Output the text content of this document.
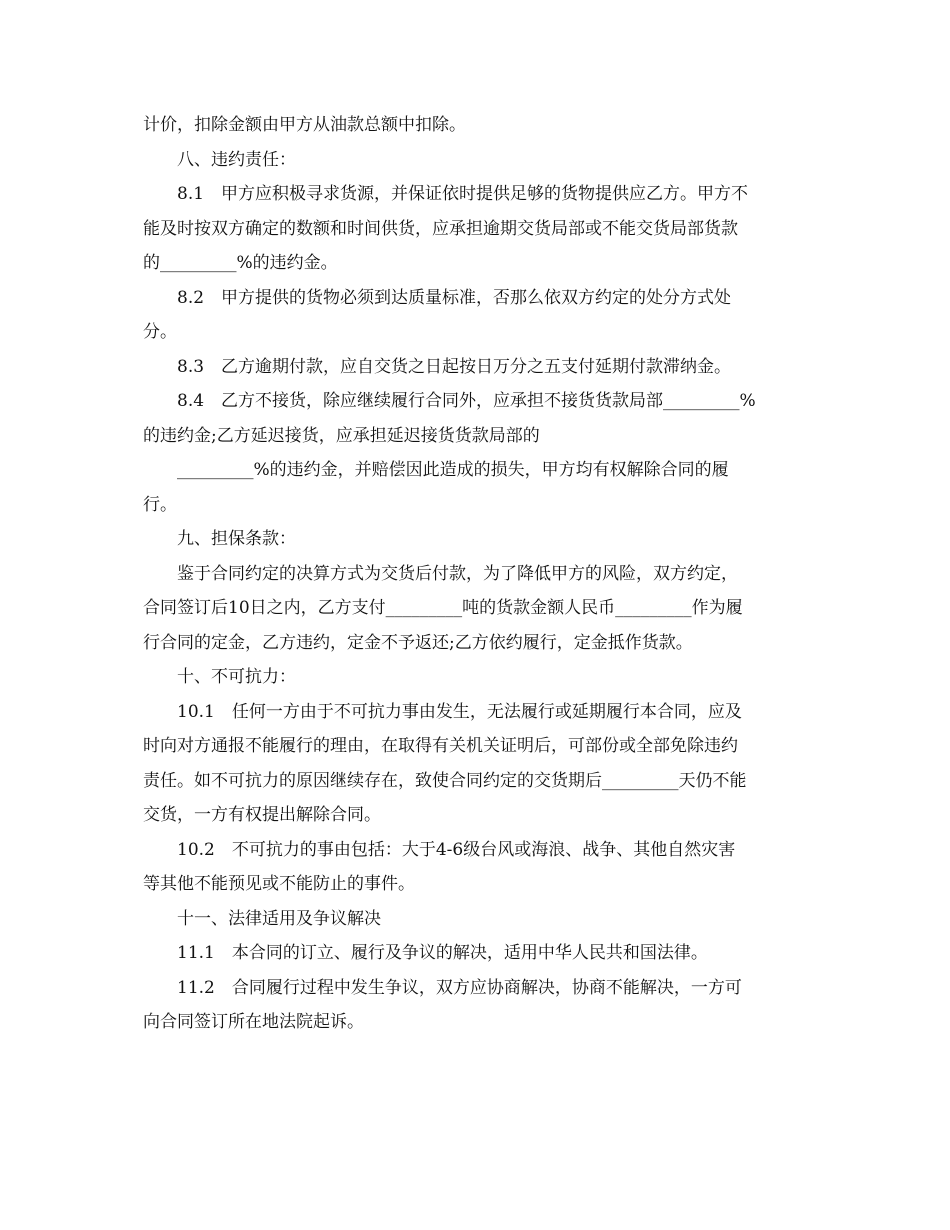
计价，扣除金额由甲方从油款总额中扣除。
八、违约责任：
8.1　甲方应积极寻求货源，并保证依时提供足够的货物提供应乙方。甲方不
能及时按双方确定的数额和时间供货，应承担逾期交货局部或不能交货局部货款
的_________%的违约金。
8.2　甲方提供的货物必须到达质量标准，否那么依双方约定的处分方式处
分。
8.3　乙方逾期付款，应自交货之日起按日万分之五支付延期付款滞纳金。
8.4　乙方不接货，除应继续履行合同外，应承担不接货货款局部_________%
的违约金;乙方延迟接货，应承担延迟接货货款局部的
_________%的违约金，并赔偿因此造成的损失，甲方均有权解除合同的履
行。
九、担保条款：
鉴于合同约定的决算方式为交货后付款，为了降低甲方的风险，双方约定，
合同签订后10日之内，乙方支付_________吨的货款金额人民币_________作为履
行合同的定金，乙方违约，定金不予返还;乙方依约履行，定金抵作货款。
十、不可抗力：
10.1　任何一方由于不可抗力事由发生，无法履行或延期履行本合同，应及
时向对方通报不能履行的理由，在取得有关机关证明后，可部份或全部免除违约
责任。如不可抗力的原因继续存在，致使合同约定的交货期后_________天仍不能
交货，一方有权提出解除合同。
10.2　不可抗力的事由包括：大于4-6级台风或海浪、战争、其他自然灾害
等其他不能预见或不能防止的事件。
十一、法律适用及争议解决
11.1　本合同的订立、履行及争议的解决，适用中华人民共和国法律。
11.2　合同履行过程中发生争议，双方应协商解决，协商不能解决，一方可
向合同签订所在地法院起诉。
